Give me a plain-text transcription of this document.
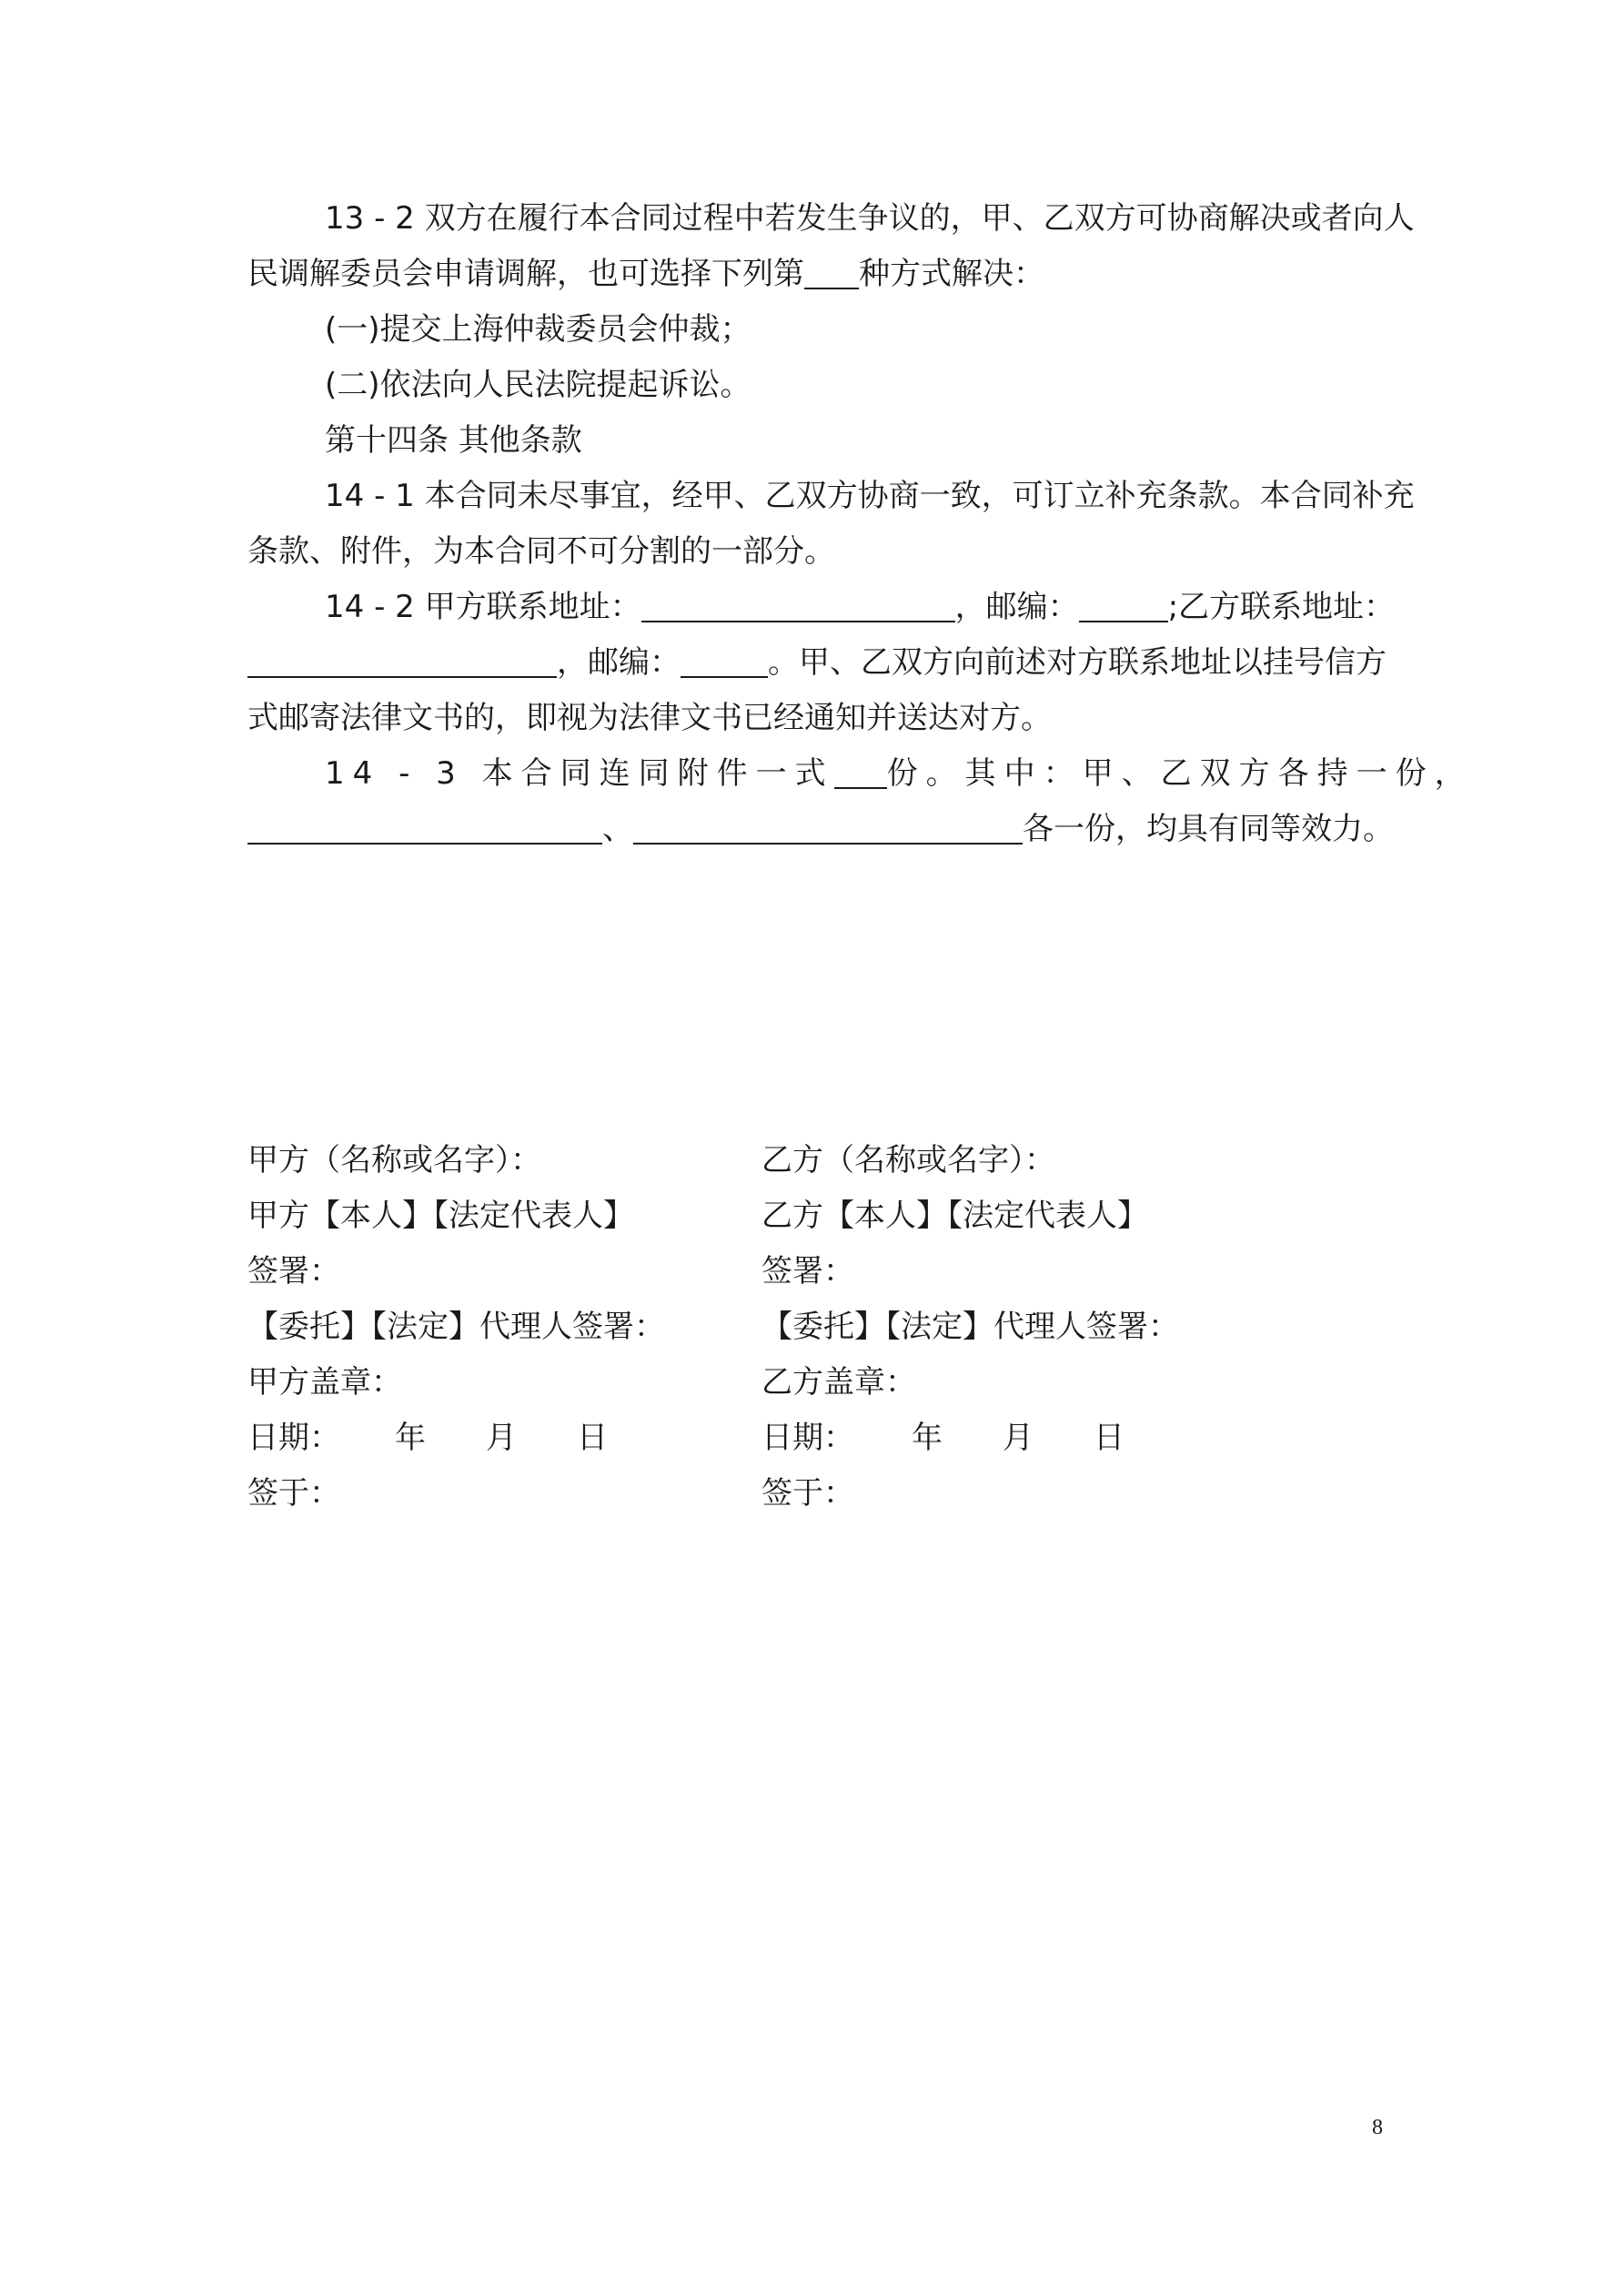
13 - 2 双方在履行本合同过程中若发生争议的，甲、乙双方可协商解决或者向人
民调解委员会申请调解，也可选择下列第 种方式解决：
(一)提交上海仲裁委员会仲裁；
(二)依法向人民法院提起诉讼。
第十四条 其他条款
14 - 1 本合同未尽事宜，经甲、乙双方协商一致，可订立补充条款。本合同补充
条款、附件，为本合同不可分割的一部分。
14 - 2 甲方联系地址：	，邮编：	;乙方联系地址：
，邮编：	。甲、乙双方向前述对方联系地址以挂号信方
式邮寄法律文书的，即视为法律文书已经通知并送达对方。
14 - 3 本合同连同附件一式 份。其中：甲、乙双方各持一份，
、	各一份，均具有同等效力。
甲方（名称或名字）：
甲方【本人】【法定代表人】
签署：
【委托】【法定】代理人签署：
甲方盖章：
日期： 年 月 日
签于：
乙方（名称或名字）：
乙方【本人】【法定代表人】
签署：
【委托】【法定】代理人签署：
乙方盖章：
日期： 年 月 日
签于：
8
